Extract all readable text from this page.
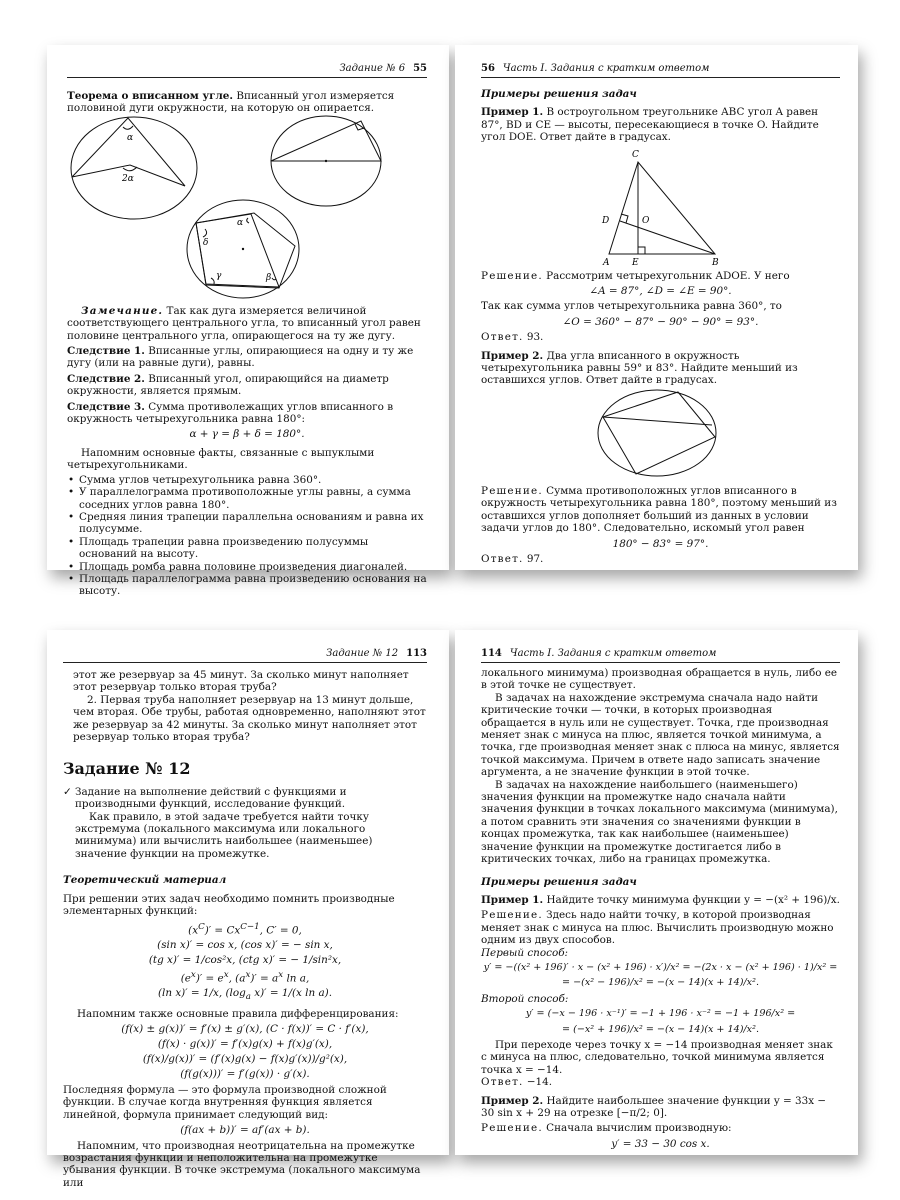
Задание № 6 55

Теорема о вписанном угле. Вписанный угол измеряется половиной дуги окружности, на которую он опирается.

α
2α
α
δ
γ	β

Замечание. Так как дуга измеряется величиной соответствующего центрального угла, то вписанный угол равен половине центрального угла, опирающегося на ту же дугу.

Следствие 1. Вписанные углы, опирающиеся на одну и ту же дугу (или на равные дуги), равны.

Следствие 2. Вписанный угол, опирающийся на диаметр окружности, является прямым.

Следствие 3. Сумма противолежащих углов вписанного в окружность четырехугольника равна 180°:

α + γ = β + δ = 180°.

Напомним основные факты, связанные с выпуклыми четырехугольниками.

• Сумма углов четырехугольника равна 360°.
• У параллелограмма противоположные углы равны, а сумма соседних углов равна 180°.
• Средняя линия трапеции параллельна основаниям и равна их полусумме.
• Площадь трапеции равна произведению полусуммы оснований на высоту.
• Площадь ромба равна половине произведения диагоналей.
• Площадь параллелограмма равна произведению основания на высоту.
56 Часть I. Задания с кратким ответом

Примеры решения задач

Пример 1. В остроугольном треугольнике ABC угол A равен 87°, BD и CE — высоты, пересекающиеся в точке O. Найдите угол DOE. Ответ дайте в градусах.

C
D	O
A	E	B

Решение. Рассмотрим четырехугольник ADOE. У него

∠A = 87°, ∠D = ∠E = 90°.

Так как сумма углов четырехугольника равна 360°, то

∠O = 360° − 87° − 90° − 90° = 93°.

Ответ. 93.

Пример 2. Два угла вписанного в окружность четырехугольника равны 59° и 83°. Найдите меньший из оставшихся углов. Ответ дайте в градусах.

Решение. Сумма противоположных углов вписанного в окружность четырехугольника равна 180°, поэтому меньший из оставшихся углов дополняет больший из данных в условии задачи углов до 180°. Следовательно, искомый угол равен

180° − 83° = 97°.

Ответ. 97.

Задание № 12 113

этот же резервуар за 45 минут. За сколько минут наполняет этот резервуар только вторая труба?

2. Первая труба наполняет резервуар на 13 минут дольше, чем вторая. Обе трубы, работая одновременно, наполняют этот же резервуар за 42 минуты. За сколько минут наполняет этот резервуар только вторая труба?

Задание № 12

✓ Задание на выполнение действий с функциями и производными функций, исследование функций.

Как правило, в этой задаче требуется найти точку экстремума (локального максимума или локального минимума) или вычислить наибольшее (наименьшее) значение функции на промежутке.

Теоретический материал

При решении этих задач необходимо помнить производные элементарных функций:

$(x^C)' = Cx^{C-1}$, C′ = 0,
(sin x)′ = cos x, (cos x)′ = − sin x,
(tg x)′ = 1/cos²x, (ctg x)′ = − 1/sin²x,
$(e^x)' = e^x$, $(a^x)' = a^x$ ln a,
(ln x)′ = 1/x, ($\log_a$ x)′ = 1/(x ln a).

Напомним также основные правила дифференцирования:

(f(x) ± g(x))′ = f′(x) ± g′(x), (C · f(x))′ = C · f′(x),
(f(x) · g(x))′ = f′(x)g(x) + f(x)g′(x),
(f(x)/g(x))′ = (f′(x)g(x) − f(x)g′(x))/g²(x),
(f(g(x)))′ = f′(g(x)) · g′(x).

Последняя формула — это формула производной сложной функции. В случае когда внутренняя функция является линейной, формула принимает следующий вид:

(f(ax + b))′ = af′(ax + b).

Напомним, что производная неотрицательна на промежутке возрастания функции и неположительна на промежутке убывания функции. В точке экстремума (локального максимума или

114 Часть I. Задания с кратким ответом

локального минимума) производная обращается в нуль, либо ее в этой точке не существует.

В задачах на нахождение экстремума сначала надо найти критические точки — точки, в которых производная обращается в нуль или не существует. Точка, где производная меняет знак с минуса на плюс, является точкой минимума, а точка, где производная меняет знак с плюса на минус, является точкой максимума. Причем в ответе надо записать значение аргумента, а не значение функции в этой точке.

В задачах на нахождение наибольшего (наименьшего) значения функции на промежутке надо сначала найти значения функции в точках локального максимума (минимума), а потом сравнить эти значения со значениями функции в концах промежутка, так как наибольшее (наименьшее) значение функции на промежутке достигается либо в критических точках, либо на границах промежутка.

Примеры решения задач

Пример 1. Найдите точку минимума функции y = −(x² + 196)/x.

Решение. Здесь надо найти точку, в которой производная меняет знак с минуса на плюс. Вычислить производную можно одним из двух способов.

Первый способ:

y′ = −((x² + 196)′ · x − (x² + 196) · x′)/x² = −(2x · x − (x² + 196) · 1)/x² =

= −(x² − 196)/x² = −(x − 14)(x + 14)/x².

Второй способ:

y′ = (−x − 196 · x⁻¹)′ = −1 + 196 · x⁻² = −1 + 196/x² =

= (−x² + 196)/x² = −(x − 14)(x + 14)/x².

При переходе через точку x = −14 производная меняет знак с минуса на плюс, следовательно, точкой минимума является точка x = −14.

Ответ. −14.

Пример 2. Найдите наибольшее значение функции y = 33x − 30 sin x + 29 на отрезке [−π/2; 0].

Решение. Сначала вычислим производную:

y′ = 33 − 30 cos x.
